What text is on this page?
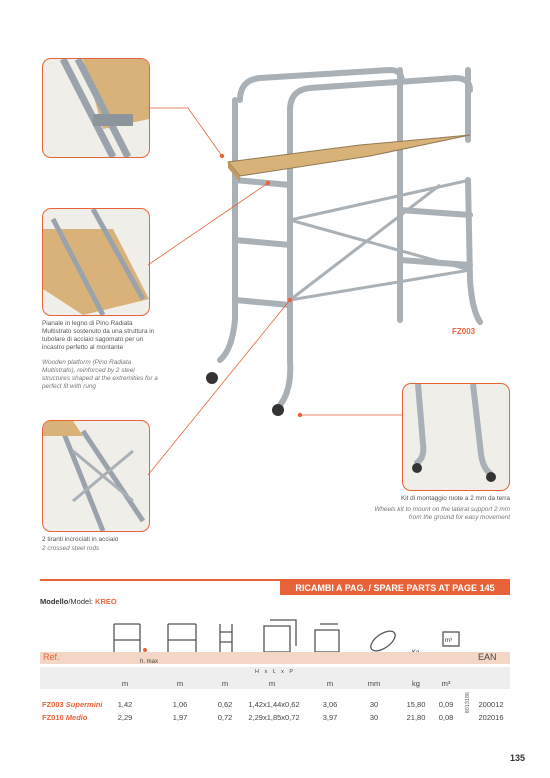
FZ003
Pianale in legno di Pino Radiata Multistrato sostenuto da una struttura in tubolare di acciaio sagomato per un incastro perfetto al montante
Wooden platform (Pino Radiata Multistrato), reinforced by 2 steel structures shaped at the extremities for a perfect fit with rung
2 tiranti incrociati in acciaio
2 crossed steel rods
Kit di montaggio ruote a 2 mm da terra
Wheels kit to mount on the lateral support 2 mm from the ground for easy movement
RICAMBI A PAG. / SPARE PARTS AT PAGE 145
Modello/Model: KREO
m³
Ref.	EAN
h. max
H x L x P
m	m	m	m	m	mm	kg	m³
8013186
FZ003 Supermini	1,42	1,06	0,62	1,42x1,44x0,62	3,06	30	15,80	0,09	200012
FZ010 Medio	2,29	1,97	0,72	2,29x1,85x0,72	3,97	30	21,80	0,08	202016
135
